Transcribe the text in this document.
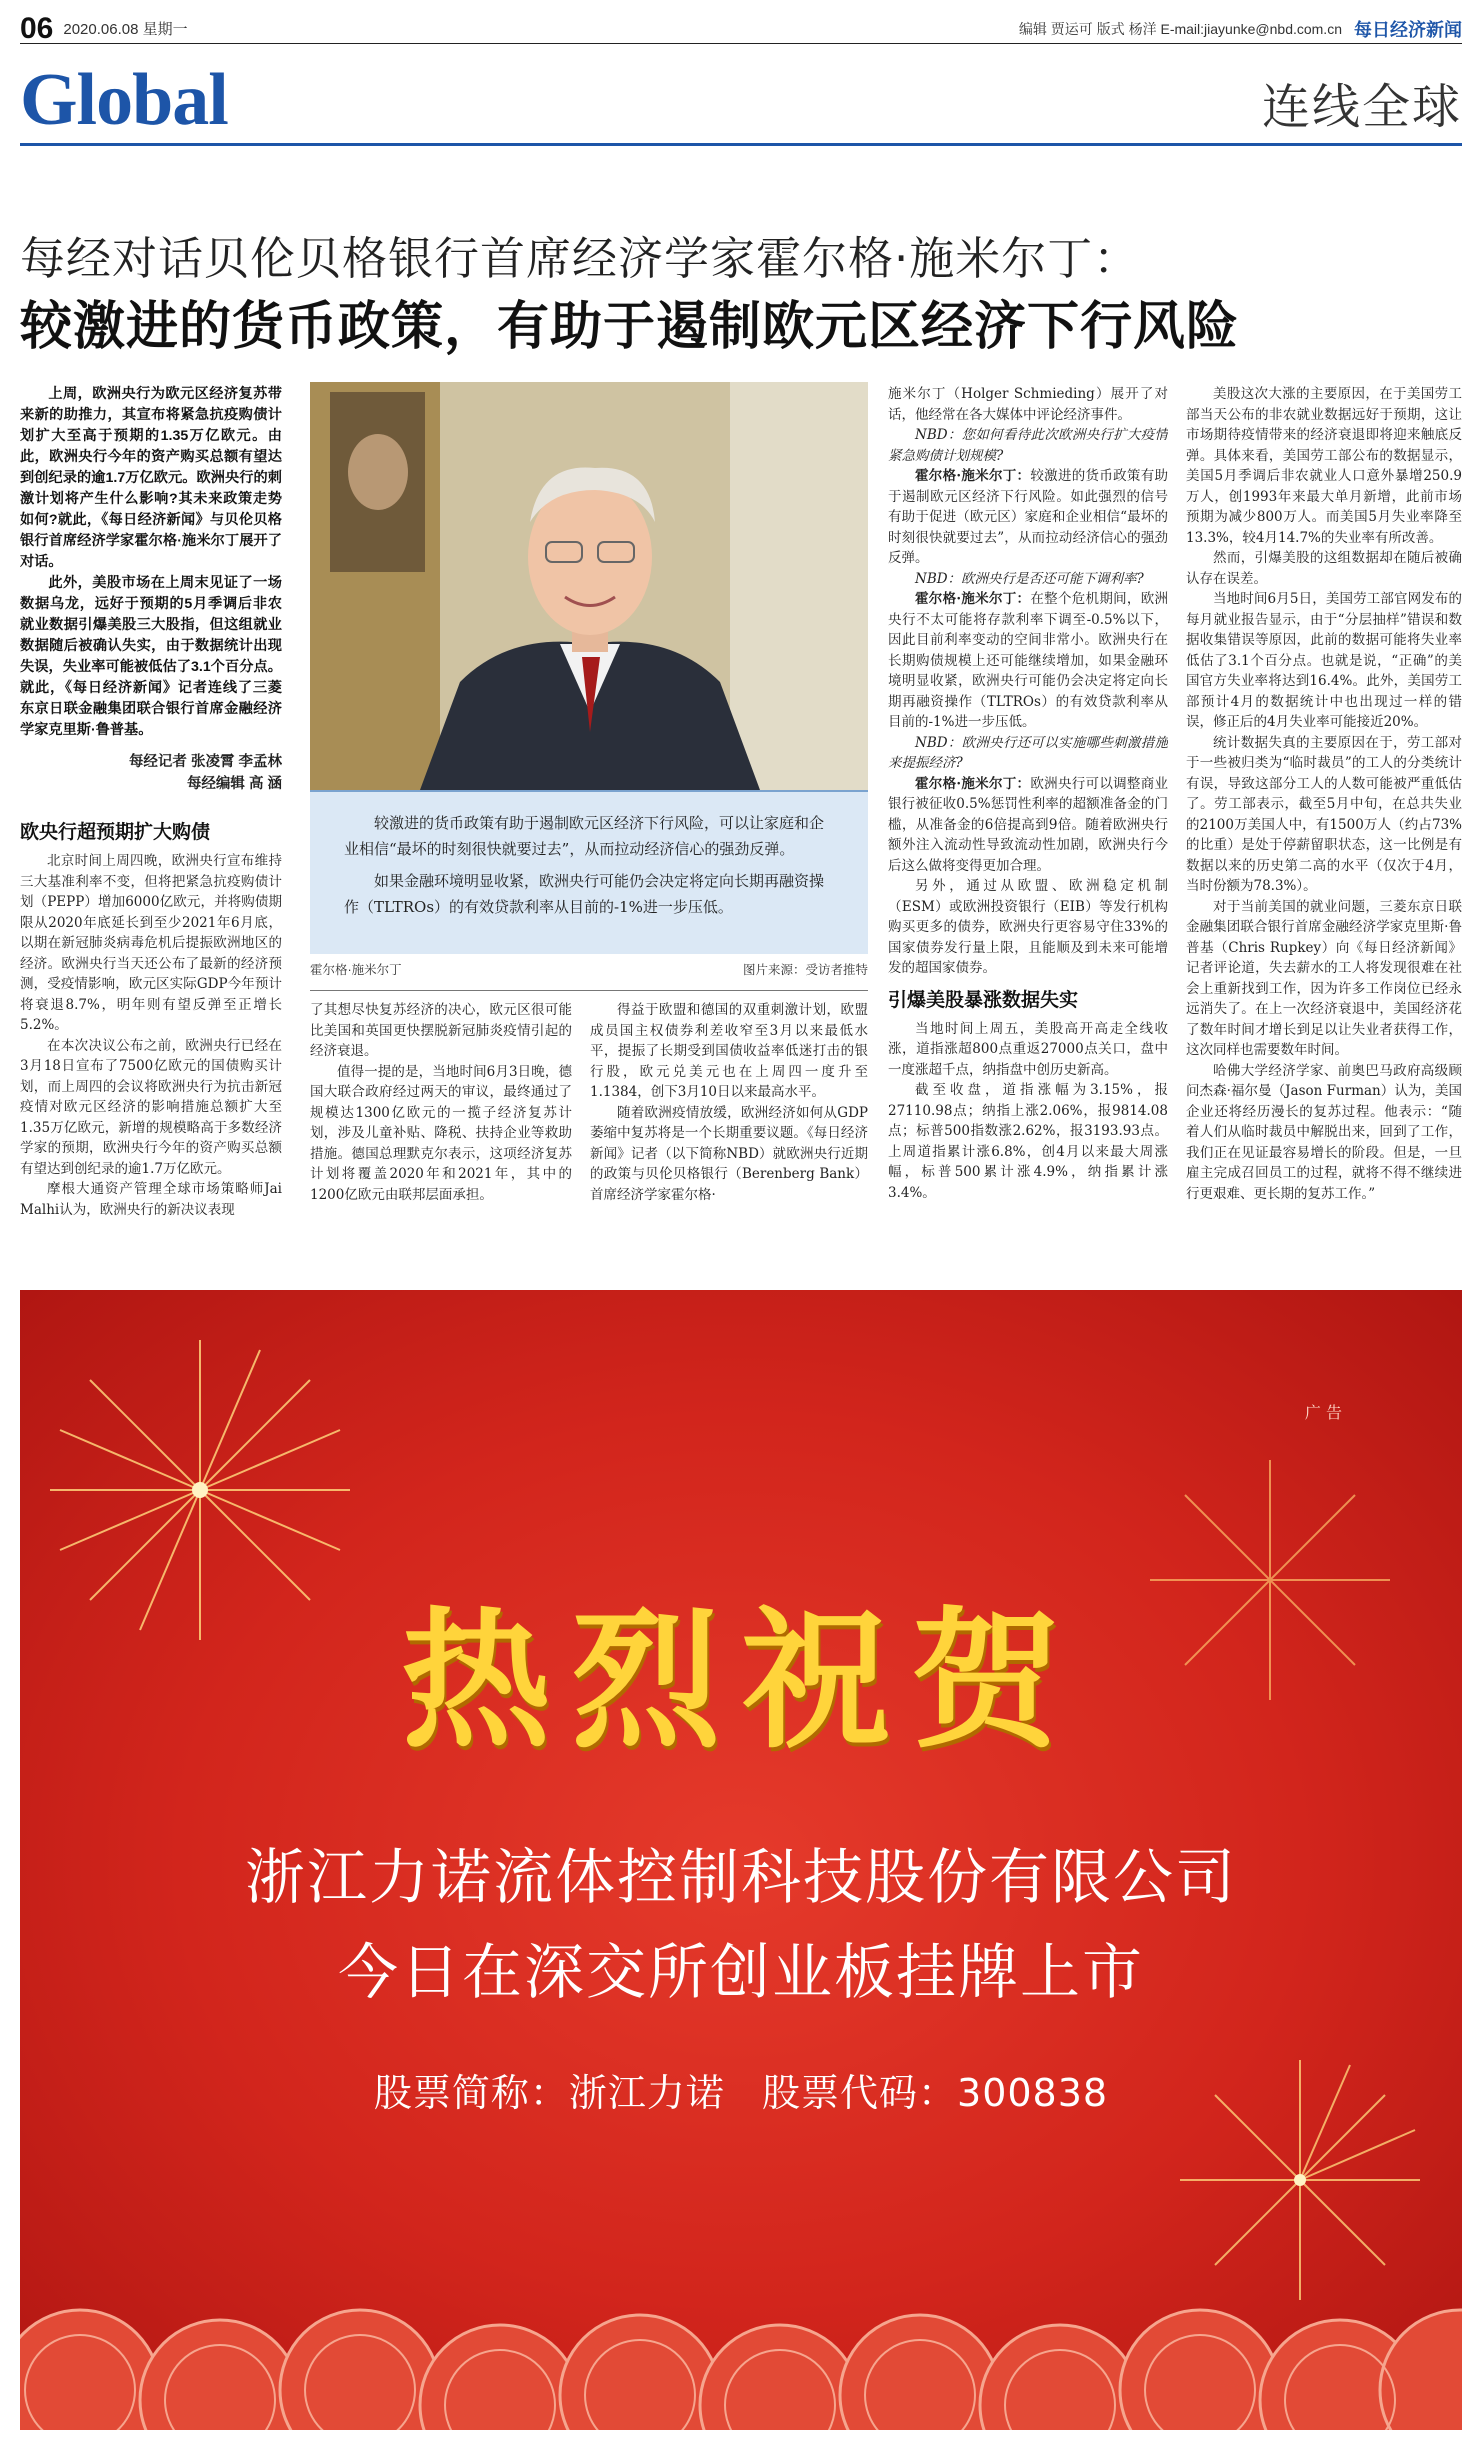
06 2020.06.08 星期一	编辑 贾运可 版式 杨洋 E-mail:jiayunke@nbd.com.cn 每日经济新闻
Global	连线全球
每经对话贝伦贝格银行首席经济学家霍尔格·施米尔丁：
较激进的货币政策，有助于遏制欧元区经济下行风险

上周，欧洲央行为欧元区经济复苏带来新的助推力，其宣布将紧急抗疫购债计划扩大至高于预期的1.35万亿欧元。由此，欧洲央行今年的资产购买总额有望达到创纪录的逾1.7万亿欧元。欧洲央行的刺激计划将产生什么影响?其未来政策走势如何?就此，《每日经济新闻》与贝伦贝格银行首席经济学家霍尔格·施米尔丁展开了对话。

此外，美股市场在上周末见证了一场数据乌龙，远好于预期的5月季调后非农就业数据引爆美股三大股指，但这组就业数据随后被确认失实，由于数据统计出现失误，失业率可能被低估了3.1个百分点。就此，《每日经济新闻》记者连线了三菱东京日联金融集团联合银行首席金融经济学家克里斯·鲁普基。

每经记者 张凌霄 李孟林
每经编辑 高 涵
欧央行超预期扩大购债

北京时间上周四晚，欧洲央行宣布维持三大基准利率不变，但将把紧急抗疫购债计划（PEPP）增加6000亿欧元，并将购债期限从2020年底延长到至少2021年6月底，以期在新冠肺炎病毒危机后提振欧洲地区的经济。欧洲央行当天还公布了最新的经济预测，受疫情影响，欧元区实际GDP今年预计将衰退8.7%，明年则有望反弹至正增长5.2%。

在本次决议公布之前，欧洲央行已经在3月18日宣布了7500亿欧元的国债购买计划，而上周四的会议将欧洲央行为抗击新冠疫情对欧元区经济的影响措施总额扩大至1.35万亿欧元，新增的规模略高于多数经济学家的预期，欧洲央行今年的资产购买总额有望达到创纪录的逾1.7万亿欧元。

摩根大通资产管理全球市场策略师Jai Malhi认为，欧洲央行的新决议表现

较激进的货币政策有助于遏制欧元区经济下行风险，可以让家庭和企业相信“最坏的时刻很快就要过去”，从而拉动经济信心的强劲反弹。

如果金融环境明显收紧，欧洲央行可能仍会决定将定向长期再融资操作（TLTROs）的有效贷款利率从目前的-1%进一步压低。

霍尔格·施米尔丁	图片来源：受访者推特

了其想尽快复苏经济的决心，欧元区很可能比美国和英国更快摆脱新冠肺炎疫情引起的经济衰退。

值得一提的是，当地时间6月3日晚，德国大联合政府经过两天的审议，最终通过了规模达1300亿欧元的一揽子经济复苏计划，涉及儿童补贴、降税、扶持企业等救助措施。德国总理默克尔表示，这项经济复苏计划将覆盖2020年和2021年，其中的1200亿欧元由联邦层面承担。

得益于欧盟和德国的双重刺激计划，欧盟成员国主权债券利差收窄至3月以来最低水平，提振了长期受到国债收益率低迷打击的银行股，欧元兑美元也在上周四一度升至1.1384，创下3月10日以来最高水平。

随着欧洲疫情放缓，欧洲经济如何从GDP萎缩中复苏将是一个长期重要议题。《每日经济新闻》记者（以下简称NBD）就欧洲央行近期的政策与贝伦贝格银行（Berenberg Bank）首席经济学家霍尔格·

施米尔丁（Holger Schmieding）展开了对话，他经常在各大媒体中评论经济事件。

NBD：您如何看待此次欧洲央行扩大疫情紧急购债计划规模?

霍尔格·施米尔丁：较激进的货币政策有助于遏制欧元区经济下行风险。如此强烈的信号有助于促进（欧元区）家庭和企业相信“最坏的时刻很快就要过去”，从而拉动经济信心的强劲反弹。

NBD：欧洲央行是否还可能下调利率?

霍尔格·施米尔丁：在整个危机期间，欧洲央行不太可能将存款利率下调至-0.5%以下，因此目前利率变动的空间非常小。欧洲央行在长期购债规模上还可能继续增加，如果金融环境明显收紧，欧洲央行可能仍会决定将定向长期再融资操作（TLTROs）的有效贷款利率从目前的-1%进一步压低。

NBD：欧洲央行还可以实施哪些刺激措施来提振经济?

霍尔格·施米尔丁：欧洲央行可以调整商业银行被征收0.5%惩罚性利率的超额准备金的门槛，从准备金的6倍提高到9倍。随着欧洲央行额外注入流动性导致流动性加剧，欧洲央行今后这么做将变得更加合理。

另外，通过从欧盟、欧洲稳定机制（ESM）或欧洲投资银行（EIB）等发行机构购买更多的债券，欧洲央行更容易守住33%的国家债券发行量上限，且能顺及到未来可能增发的超国家债券。

引爆美股暴涨数据失实

当地时间上周五，美股高开高走全线收涨，道指涨超800点重返27000点关口，盘中一度涨超千点，纳指盘中创历史新高。

截至收盘，道指涨幅为3.15%，报27110.98点；纳指上涨2.06%，报9814.08点；标普500指数涨2.62%，报3193.93点。上周道指累计涨6.8%，创4月以来最大周涨幅，标普500累计涨4.9%，纳指累计涨3.4%。

美股这次大涨的主要原因，在于美国劳工部当天公布的非农就业数据远好于预期，这让市场期待疫情带来的经济衰退即将迎来触底反弹。具体来看，美国劳工部公布的数据显示，美国5月季调后非农就业人口意外暴增250.9万人，创1993年来最大单月新增，此前市场预期为减少800万人。而美国5月失业率降至13.3%，较4月14.7%的失业率有所改善。

然而，引爆美股的这组数据却在随后被确认存在误差。

当地时间6月5日，美国劳工部官网发布的每月就业报告显示，由于“分层抽样”错误和数据收集错误等原因，此前的数据可能将失业率低估了3.1个百分点。也就是说，“正确”的美国官方失业率将达到16.4%。此外，美国劳工部预计4月的数据统计中也出现过一样的错误，修正后的4月失业率可能接近20%。

统计数据失真的主要原因在于，劳工部对于一些被归类为“临时裁员”的工人的分类统计有误，导致这部分工人的人数可能被严重低估了。劳工部表示，截至5月中旬，在总共失业的2100万美国人中，有1500万人（约占73%的比重）是处于停薪留职状态，这一比例是有数据以来的历史第二高的水平（仅次于4月，当时份额为78.3%）。

对于当前美国的就业问题，三菱东京日联金融集团联合银行首席金融经济学家克里斯·鲁普基（Chris Rupkey）向《每日经济新闻》记者评论道，失去薪水的工人将发现很难在社会上重新找到工作，因为许多工作岗位已经永远消失了。在上一次经济衰退中，美国经济花了数年时间才增长到足以让失业者获得工作，这次同样也需要数年时间。

哈佛大学经济学家、前奥巴马政府高级顾问杰森·福尔曼（Jason Furman）认为，美国企业还将经历漫长的复苏过程。他表示：“随着人们从临时裁员中解脱出来，回到了工作，我们正在见证最容易增长的阶段。但是，一旦雇主完成召回员工的过程，就将不得不继续进行更艰难、更长期的复苏工作。”

广 告
热烈祝贺
浙江力诺流体控制科技股份有限公司
今日在深交所创业板挂牌上市
股票简称：浙江力诺 股票代码：300838
